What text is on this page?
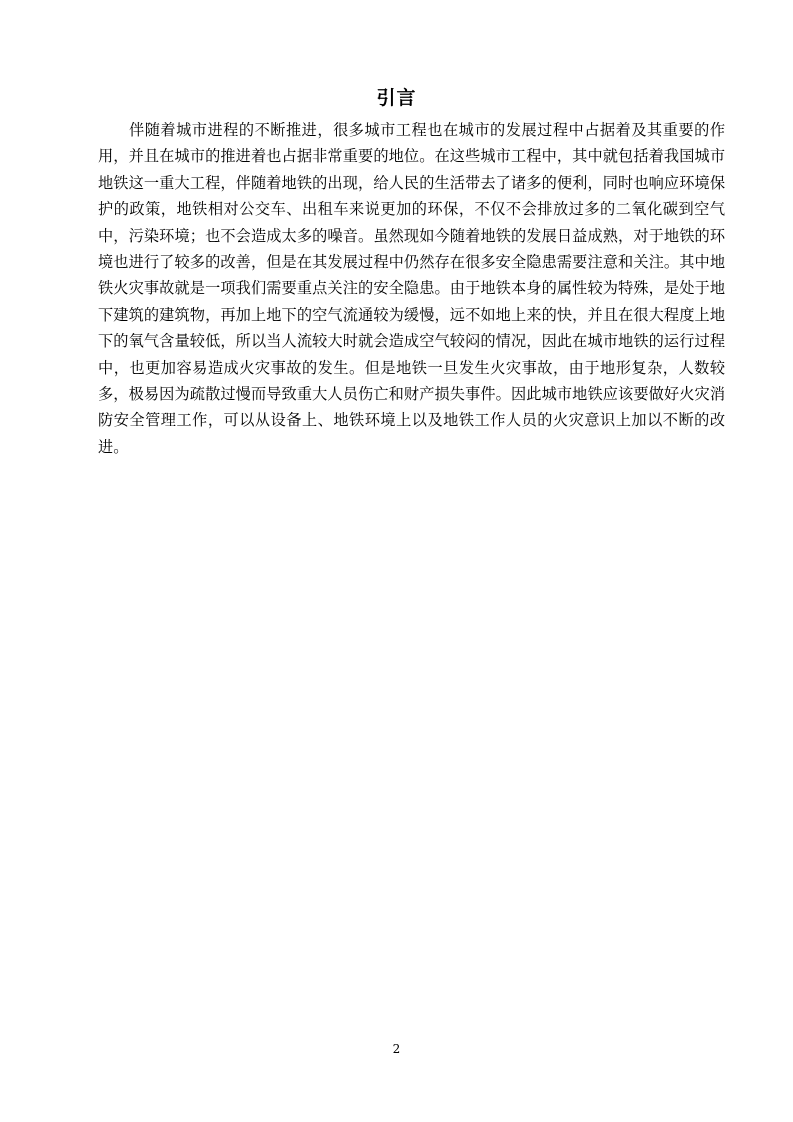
引言

伴随着城市进程的不断推进，很多城市工程也在城市的发展过程中占据着及其重要的作用，并且在城市的推进着也占据非常重要的地位。在这些城市工程中，其中就包括着我国城市地铁这一重大工程，伴随着地铁的出现，给人民的生活带去了诸多的便利，同时也响应环境保护的政策，地铁相对公交车、出租车来说更加的环保，不仅不会排放过多的二氧化碳到空气中，污染环境；也不会造成太多的噪音。虽然现如今随着地铁的发展日益成熟，对于地铁的环境也进行了较多的改善，但是在其发展过程中仍然存在很多安全隐患需要注意和关注。其中地铁火灾事故就是一项我们需要重点关注的安全隐患。由于地铁本身的属性较为特殊，是处于地下建筑的建筑物，再加上地下的空气流通较为缓慢，远不如地上来的快，并且在很大程度上地下的氧气含量较低，所以当人流较大时就会造成空气较闷的情况，因此在城市地铁的运行过程中，也更加容易造成火灾事故的发生。但是地铁一旦发生火灾事故，由于地形复杂，人数较多，极易因为疏散过慢而导致重大人员伤亡和财产损失事件。因此城市地铁应该要做好火灾消防安全管理工作，可以从设备上、地铁环境上以及地铁工作人员的火灾意识上加以不断的改进。

2
